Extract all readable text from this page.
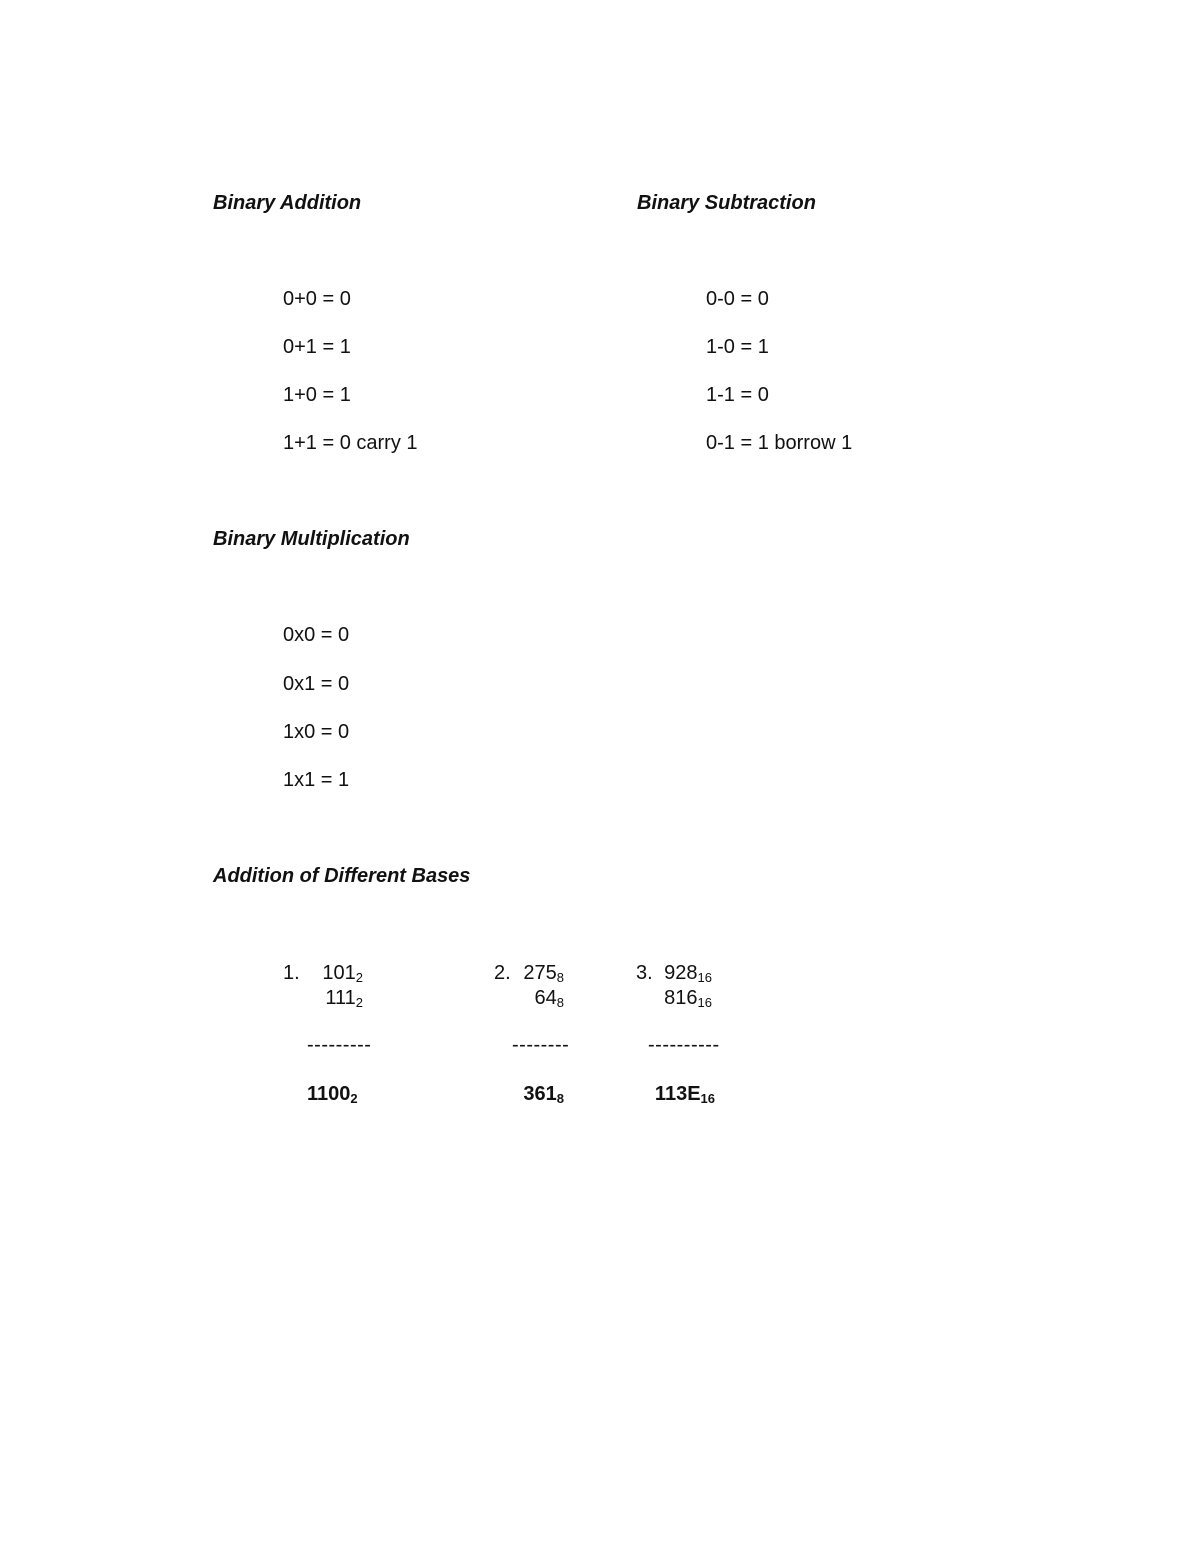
Binary Addition

0+0 = 0

0+1 = 1

1+0 = 1

1+1 = 0 carry 1

Binary Subtraction

0-0 = 0

1-0 = 1

1-1 = 0

0-1 = 1 borrow 1

Binary Multiplication

0x0 = 0

0x1 = 0

1x0 = 0

1x1 = 1

Addition of Different Bases
1.	$101_2$
$111_2$
---------
$1100_2$
2. $275_8$
$64_8$
--------
$361_8$
3. $928_{16}$
$816_{16}$
----------
$113E_{16}$
